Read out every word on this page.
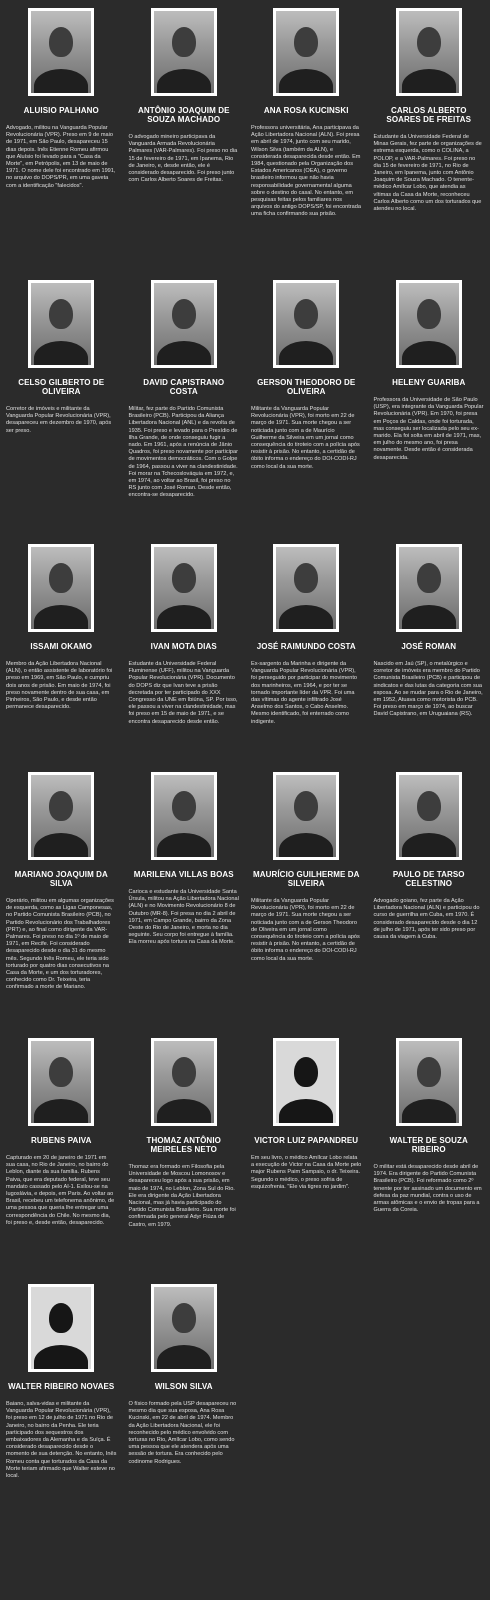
ALUISIO PALHANO
Advogado, militou na Vanguarda Popular Revolucionária (VPR). Preso em 9 de maio de 1971, em São Paulo, desapareceu 15 dias depois. Inês Etienne Romeu afirmou que Aluísio foi levado para a "Casa da Morte", em Petrópolis, em 13 de maio de 1971. O nome dele foi encontrado em 1991, no arquivo do DOPS/PR, em uma gaveta com a identificação "falecidos".
ANTÔNIO JOAQUIM DE SOUZA MACHADO
O advogado mineiro participava da Vanguarda Armada Revolucionária Palmares (VAR-Palmares). Foi preso no dia 15 de fevereiro de 1971, em Ipanema, Rio de Janeiro, e, desde então, ele é considerado desaparecido. Foi preso junto com Carlos Alberto Soares de Freitas.
ANA ROSA KUCINSKI
Professora universitária, Ana participava da Ação Libertadora Nacional (ALN). Foi presa em abril de 1974, junto com seu marido, Wilson Silva (também da ALN), e considerada desaparecida desde então. Em 1984, questionado pela Organização dos Estados Americanos (OEA), o governo brasileiro informou que não havia responsabilidade governamental alguma sobre o destino do casal. No entanto, em pesquisas feitas pelos familiares nos arquivos do antigo DOPS/SP, foi encontrada uma ficha confirmando sua prisão.
CARLOS ALBERTO SOARES DE FREITAS
Estudante da Universidade Federal de Minas Gerais, fez parte de organizações de extrema esquerda, como o COLINA, a POLOP, e a VAR-Palmares. Foi preso no dia 15 de fevereiro de 1971, no Rio de Janeiro, em Ipanema, junto com Antônio Joaquim de Souza Machado. O tenente-médico Amílcar Lobo, que atendia as vítimas da Casa da Morte, reconheceu Carlos Alberto como um dos torturados que atendeu no local.
CELSO GILBERTO DE OLIVEIRA
Corretor de imóveis e militante da Vanguarda Popular Revolucionária (VPR), desapareceu em dezembro de 1970, após ser preso.
DAVID CAPISTRANO COSTA
Militar, fez parte do Partido Comunista Brasileiro (PCB). Participou da Aliança Libertadora Nacional (ANL) e da revolta de 1935. Foi preso e levado para o Presídio de Ilha Grande, de onde conseguiu fugir a nado. Em 1961, após a renúncia de Jânio Quadros, foi preso novamente por participar de movimentos democráticos. Com o Golpe de 1964, passou a viver na clandestinidade. Foi morar na Tchecoslováquia em 1972, e, em 1974, ao voltar ao Brasil, foi preso no RS junto com José Roman. Desde então, encontra-se desaparecido.
GERSON THEODORO DE OLIVEIRA
Militante da Vanguarda Popular Revolucionária (VPR), foi morto em 22 de março de 1971. Sua morte chegou a ser noticiada junto com a de Maurício Guilherme da Silveira em um jornal como consequência do tiroteio com a polícia após resistir à prisão. No entanto, a certidão de óbito informa o endereço do DOI-CODI-RJ como local da sua morte.
HELENY GUARIBA
Professora da Universidade de São Paulo (USP), era integrante da Vanguarda Popular Revolucionária (VPR). Em 1970, foi presa em Poços de Caldas, onde foi torturada, mas conseguiu ser localizada pelo seu ex-marido. Ela foi solta em abril de 1971, mas, em julho do mesmo ano, foi presa novamente. Desde então é considerada desaparecida.
ISSAMI OKAMO
Membro da Ação Libertadora Nacional (ALN), o então assistente de laboratório foi preso em 1969, em São Paulo, e cumpriu dois anos de prisão. Em maio de 1974, foi preso novamente dentro de sua casa, em Pinheiros, São Paulo, e desde então permanece desaparecido.
IVAN MOTA DIAS
Estudante da Universidade Federal Fluminense (UFF), militou na Vanguarda Popular Revolucionária (VPR). Documento do DOPS diz que Ivan teve a prisão decretada por ter participado do XXX Congresso da UNE em Ibiúna, SP. Por isso, ele passou a viver na clandestinidade, mas foi preso em 15 de maio de 1971, e se encontra desaparecido desde então.
JOSÉ RAIMUNDO COSTA
Ex-sargento da Marinha e dirigente da Vanguarda Popular Revolucionária (VPR), foi perseguido por participar do movimento dos marinheiros, em 1964, e por ter se tornado importante líder da VPR. Foi uma das vítimas do agente infiltrado José Anselmo dos Santos, o Cabo Anselmo. Mesmo identificado, foi enterrado como indigente.
JOSÉ ROMAN
Nascido em Jaú (SP), o metalúrgico e corretor de imóveis era membro do Partido Comunista Brasileiro (PCB) e participou de sindicatos e das lutas da categoria com sua esposa. Ao se mudar para o Rio de Janeiro, em 1952, Atuava como motorista do PCB. Foi preso em março de 1974, ao buscar David Capistrano, em Uruguaiana (RS).
MARIANO JOAQUIM DA SILVA
Operário, militou em algumas organizações de esquerda, como as Ligas Camponesas, no Partido Comunista Brasileiro (PCB), no Partido Revolucionário dos Trabalhadores (PRT) e, ao final como dirigente da VAR-Palmares. Foi preso no dia 1º de maio de 1971, em Recife. Foi considerado desaparecido desde o dia 31 do mesmo mês. Segundo Inês Romeu, ele teria sido torturado por quatro dias consecutivos na Casa da Morte, e um dos torturadores, conhecido como Dr. Teixeira, teria confirmado a morte de Mariano.
MARILENA VILLAS BOAS
Carioca e estudante da Universidade Santa Úrsula, militou na Ação Libertadora Nacional (ALN) e no Movimento Revolucionário 8 de Outubro (MR-8). Foi presa no dia 2 abril de 1971, em Campo Grande, bairro da Zona Oeste do Rio de Janeiro, e morta no dia seguinte. Seu corpo foi entregue à família. Ela morreu após tortura na Casa da Morte.
MAURÍCIO GUILHERME DA SILVEIRA
Militante da Vanguarda Popular Revolucionária (VPR), foi morto em 22 de março de 1971. Sua morte chegou a ser noticiada junto com a de Gerson Theodoro de Oliveira em um jornal como consequência do tiroteio com a polícia após resistir à prisão. No entanto, a certidão de óbito informa o endereço do DOI-CODI-RJ como local da sua morte.
PAULO DE TARSO CELESTINO
Advogado goiano, fez parte da Ação Libertadora Nacional (ALN) e participou do curso de guerrilha em Cuba, em 1970. É considerado desaparecido desde o dia 12 de julho de 1971, após ter sido preso por causa da viagem à Cuba.
RUBENS PAIVA
Capturado em 20 de janeiro de 1971 em sua casa, no Rio de Janeiro, no bairro do Leblon, diante da sua família. Rubens Paiva, que era deputado federal, teve seu mandato cassado pelo AI-1. Exilou-se na Iugoslávia, e depois, em Paris. Ao voltar ao Brasil, recebeu um telefonema anônimo, de uma pessoa que queria lhe entregar uma correspondência do Chile. No mesmo dia, foi preso e, desde então, desaparecido.
THOMAZ ANTÔNIO MEIRELES NETO
Thomaz era formado em Filosofia pela Universidade de Moscou Lomonosov e desapareceu logo após a sua prisão, em maio de 1974, no Leblon, Zona Sul do Rio. Ele era dirigente da Ação Libertadora Nacional, mas já havia participado do Partido Comunista Brasileiro. Sua morte foi confirmada pelo general Adyr Fiúza de Castro, em 1979.
VICTOR LUIZ PAPANDREU
Em seu livro, o médico Amílcar Lobo relata a execução de Victor na Casa da Morte pelo major Rubens Paim Sampaio, o dr. Teixeira. Segundo o médico, o preso sofria de esquizofrenia. "Ele via tigres no jardim".
WALTER DE SOUZA RIBEIRO
O militar está desaparecido desde abril de 1974. Era dirigente do Partido Comunista Brasileiro (PCB). Foi reformado como 2º tenente por ter assinado um documento em defesa da paz mundial, contra o uso de armas atômicas e o envio de tropas para a Guerra da Coreia.
WALTER RIBEIRO NOVAES
Baiano, salva-vidas e militante da Vanguarda Popular Revolucionária (VPR), foi preso em 12 de julho de 1971 no Rio de Janeiro, no bairro da Penha. Ele teria participado dos sequestros dos embaixadores da Alemanha e da Suíça. É considerado desaparecido desde o momento de sua detenção. No entanto, Inês Romeu conta que torturados da Casa da Morte teriam afirmado que Walter esteve no local.
WILSON SILVA
O físico formado pela USP desapareceu no mesmo dia que sua esposa, Ana Rosa Kucinski, em 22 de abril de 1974. Membro da Ação Libertadora Nacional, ele foi reconhecido pelo médico envolvido com torturas no Rio, Amílcar Lobo, como sendo uma pessoa que ele atendera após uma sessão de tortura. Era conhecido pelo codinome Rodrigues.
